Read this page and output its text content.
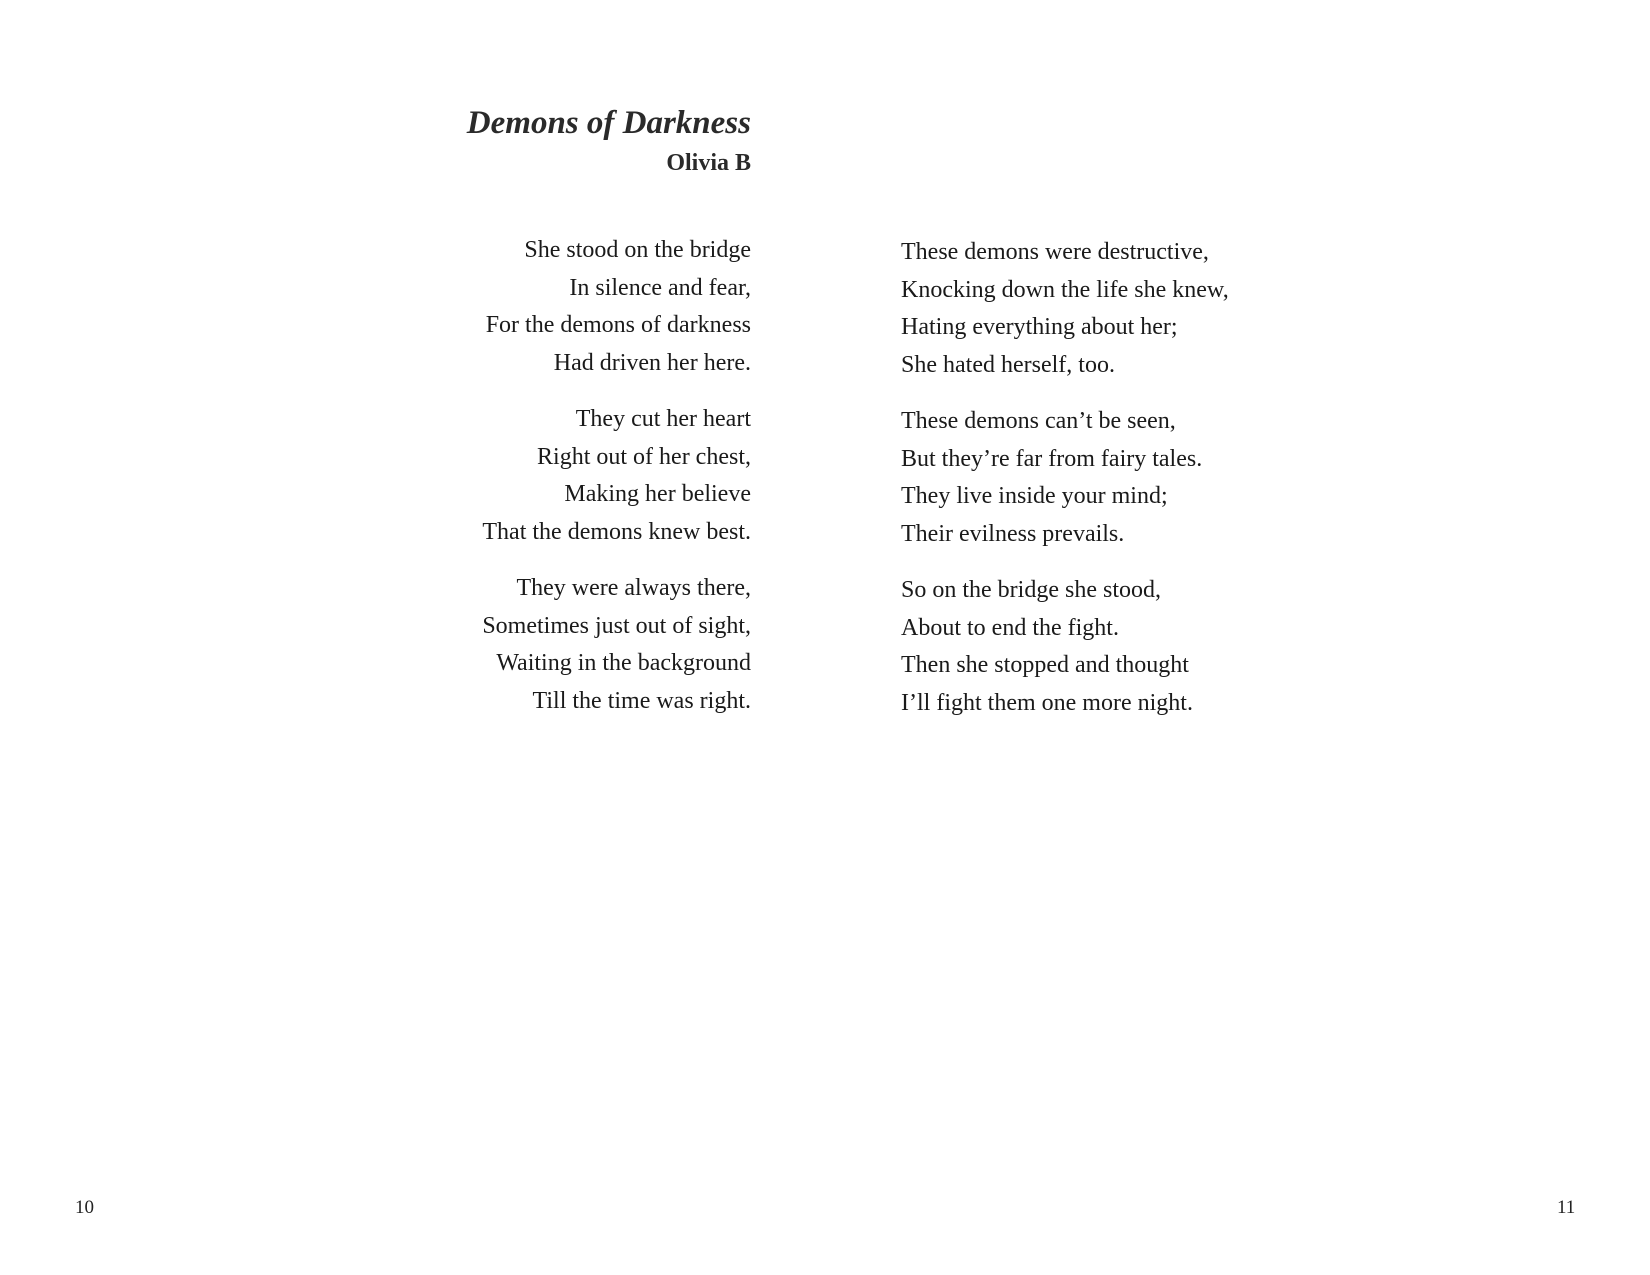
Demons of Darkness
Olivia B
She stood on the bridge
In silence and fear,
For the demons of darkness
Had driven her here.
They cut her heart
Right out of her chest,
Making her believe
That the demons knew best.
They were always there,
Sometimes just out of sight,
Waiting in the background
Till the time was right.
These demons were destructive,
Knocking down the life she knew,
Hating everything about her;
She hated herself, too.
These demons can’t be seen,
But they’re far from fairy tales.
They live inside your mind;
Their evilness prevails.
So on the bridge she stood,
About to end the fight.
Then she stopped and thought
I’ll fight them one more night.
10	11
